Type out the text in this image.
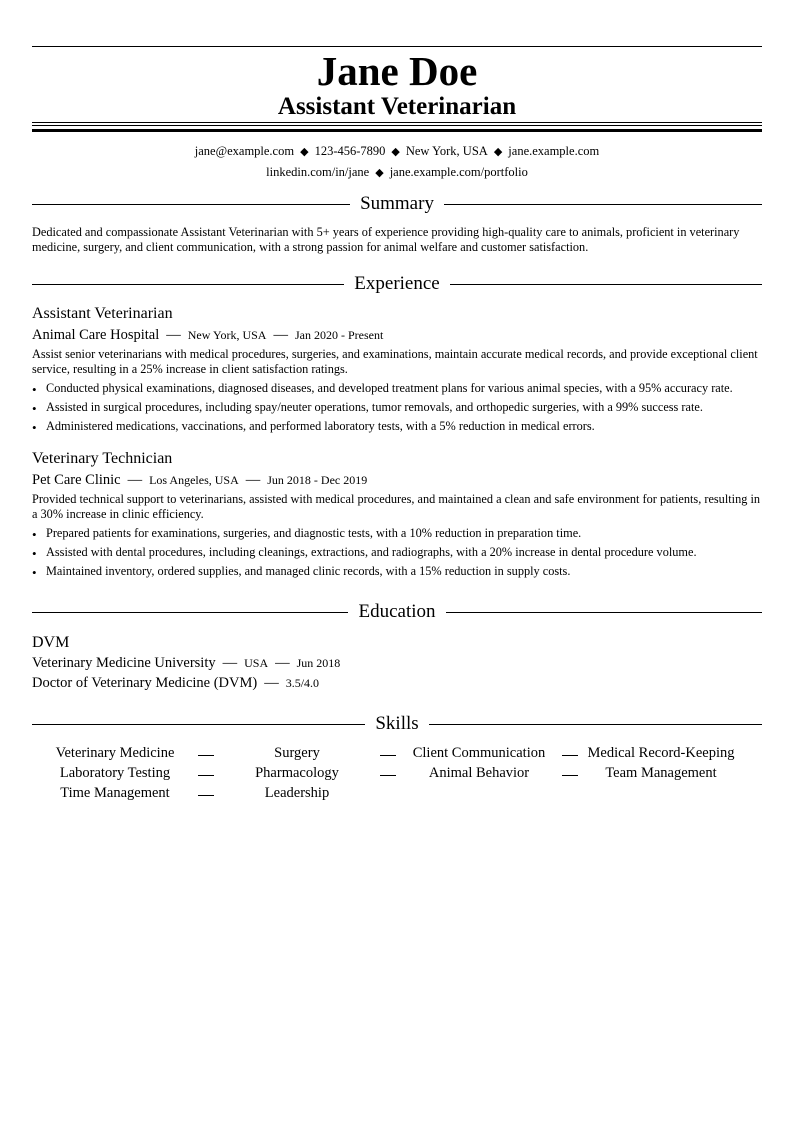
Jane Doe
Assistant Veterinarian
jane@example.com ◆ 123-456-7890 ◆ New York, USA ◆ jane.example.com
linkedin.com/in/jane ◆ jane.example.com/portfolio
Summary
Dedicated and compassionate Assistant Veterinarian with 5+ years of experience providing high-quality care to animals, proficient in veterinary medicine, surgery, and client communication, with a strong passion for animal welfare and customer satisfaction.
Experience
Assistant Veterinarian
Animal Care Hospital — New York, USA — Jan 2020 - Present
Assist senior veterinarians with medical procedures, surgeries, and examinations, maintain accurate medical records, and provide exceptional client service, resulting in a 25% increase in client satisfaction ratings.
• Conducted physical examinations, diagnosed diseases, and developed treatment plans for various animal species, with a 95% accuracy rate.
• Assisted in surgical procedures, including spay/neuter operations, tumor removals, and orthopedic surgeries, with a 99% success rate.
• Administered medications, vaccinations, and performed laboratory tests, with a 5% reduction in medical errors.
Veterinary Technician
Pet Care Clinic — Los Angeles, USA — Jun 2018 - Dec 2019
Provided technical support to veterinarians, assisted with medical procedures, and maintained a clean and safe environment for patients, resulting in a 30% increase in clinic efficiency.
• Prepared patients for examinations, surgeries, and diagnostic tests, with a 10% reduction in preparation time.
• Assisted with dental procedures, including cleanings, extractions, and radiographs, with a 20% increase in dental procedure volume.
• Maintained inventory, ordered supplies, and managed clinic records, with a 15% reduction in supply costs.
Education
DVM
Veterinary Medicine University — USA — Jun 2018
Doctor of Veterinary Medicine (DVM) — 3.5/4.0
Skills
Veterinary Medicine	Surgery	Client Communication	Medical Record-Keeping
Laboratory Testing	Pharmacology	Animal Behavior	Team Management
Time Management	Leadership
